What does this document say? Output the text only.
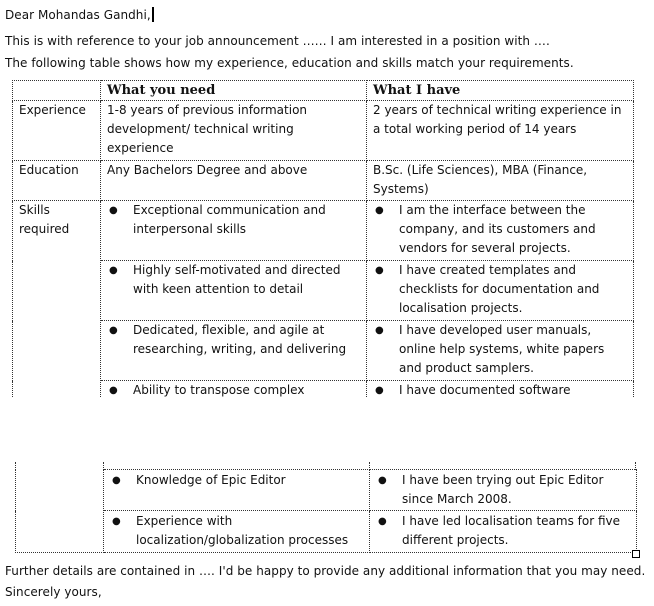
Dear Mohandas Gandhi,
This is with reference to your job announcement …… I am interested in a position with ….
The following table shows how my experience, education and skills match your requirements.
	What you need	What I have
Experience	1-8 years of previous information development/ technical writing experience	2 years of technical writing experience in a total working period of 14 years
Education	Any Bachelors Degree and above	B.Sc. (Life Sciences), MBA (Finance, Systems)
Skills required	● Exceptional communication and interpersonal skills	● I am the interface between the company, and its customers and vendors for several projects.

	● Highly self-motivated and directed with keen attention to detail	● I have created templates and checklists for documentation and localisation projects.

	● Dedicated, flexible, and agile at researching, writing, and delivering	● I have developed user manuals, online help systems, white papers and product samplers.

	● Ability to transpose complex	● I have documented software

	● Knowledge of Epic Editor	● I have been trying out Epic Editor since March 2008.

	● Experience with localization/globalization processes	● I have led localisation teams for five different projects.
Further details are contained in …. I'd be happy to provide any additional information that you may need.
Sincerely yours,
